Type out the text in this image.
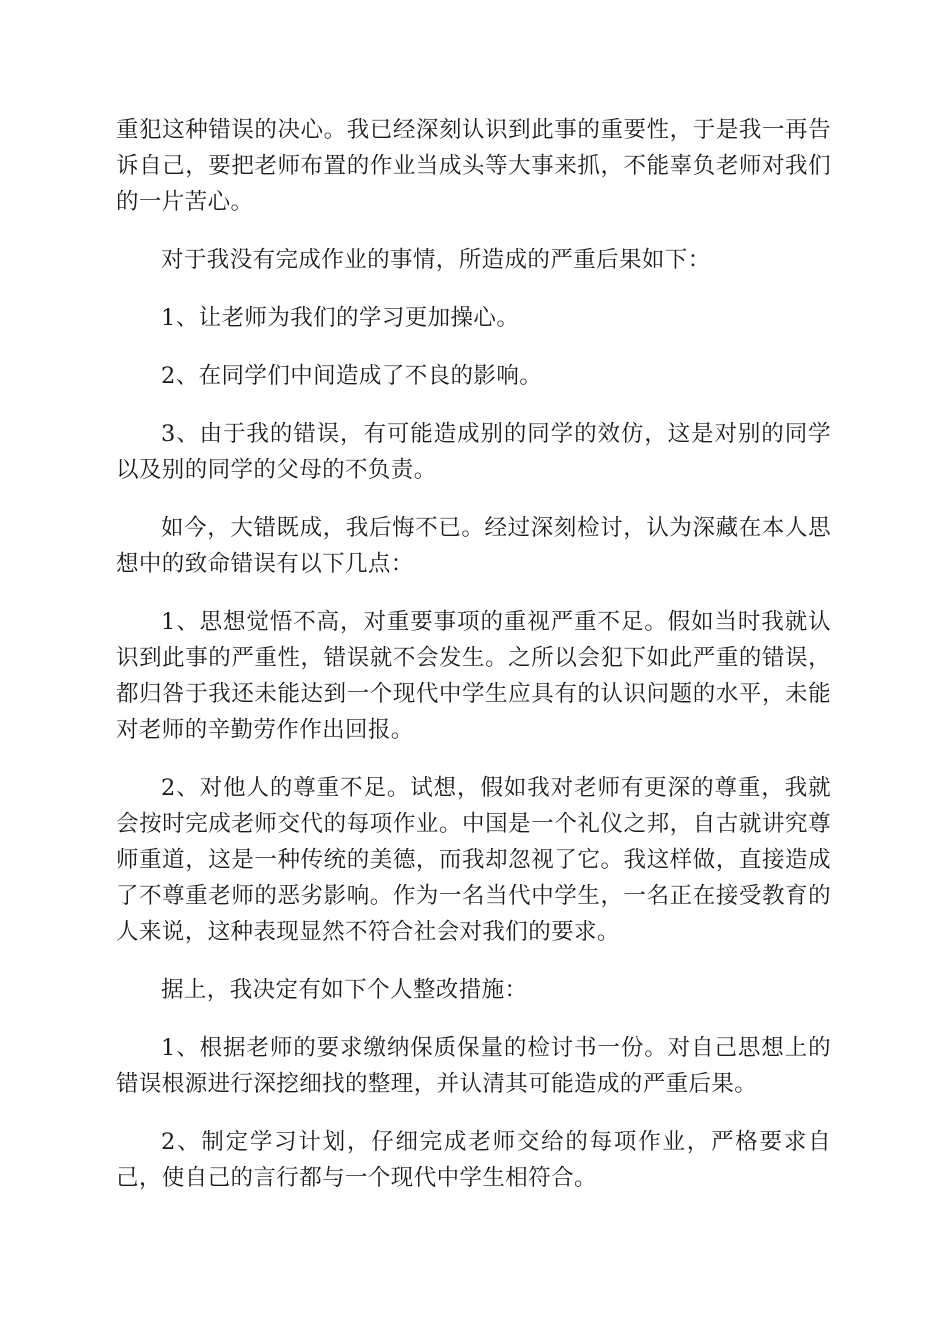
重犯这种错误的决心。我已经深刻认识到此事的重要性，于是我一再告诉自己，要把老师布置的作业当成头等大事来抓，不能辜负老师对我们的一片苦心。

对于我没有完成作业的事情，所造成的严重后果如下：

1、让老师为我们的学习更加操心。

2、在同学们中间造成了不良的影响。

3、由于我的错误，有可能造成别的同学的效仿，这是对别的同学以及别的同学的父母的不负责。

如今，大错既成，我后悔不已。经过深刻检讨，认为深藏在本人思想中的致命错误有以下几点：

1、思想觉悟不高，对重要事项的重视严重不足。假如当时我就认识到此事的严重性，错误就不会发生。之所以会犯下如此严重的错误，都归咎于我还未能达到一个现代中学生应具有的认识问题的水平，未能对老师的辛勤劳作作出回报。

2、对他人的尊重不足。试想，假如我对老师有更深的尊重，我就会按时完成老师交代的每项作业。中国是一个礼仪之邦，自古就讲究尊师重道，这是一种传统的美德，而我却忽视了它。我这样做，直接造成了不尊重老师的恶劣影响。作为一名当代中学生，一名正在接受教育的人来说，这种表现显然不符合社会对我们的要求。

据上，我决定有如下个人整改措施：

1、根据老师的要求缴纳保质保量的检讨书一份。对自己思想上的错误根源进行深挖细找的整理，并认清其可能造成的严重后果。

2、制定学习计划，仔细完成老师交给的每项作业，严格要求自己，使自己的言行都与一个现代中学生相符合。
